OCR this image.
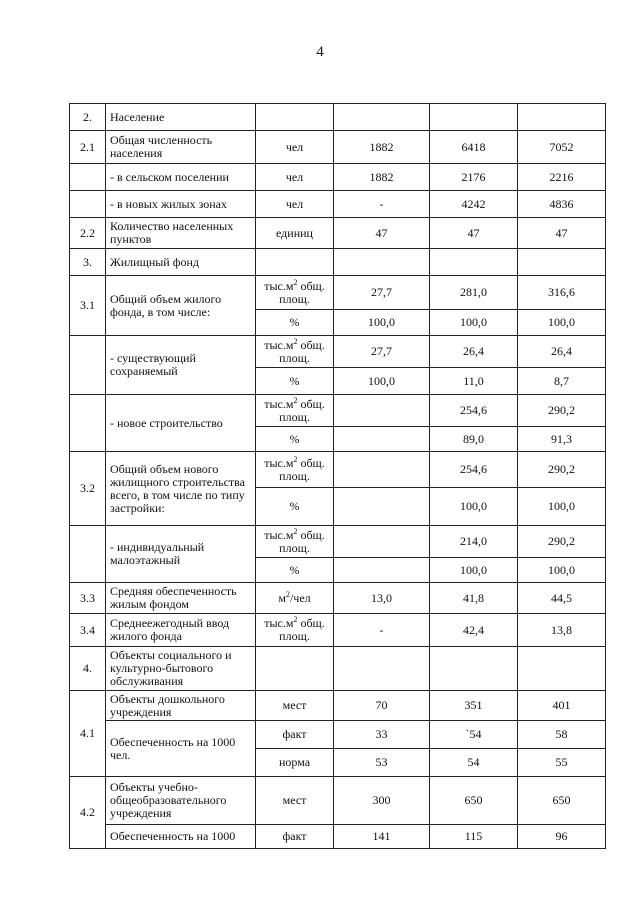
4
2.	Население				
2.1	Общая численность населения	чел	1882	6418	7052
	- в сельском поселении	чел	1882	2176	2216
	- в новых жилых зонах	чел	-	4242	4836
2.2	Количество населенных пунктов	единиц	47	47	47
3.	Жилищный фонд				
3.1	Общий объем жилого фонда, в том числе:	$тыс.м^2$ общ. площ.	27,7	281,0	316,6
		%	100,0	100,0	100,0
	- существующий сохраняемый	$тыс.м^2$ общ. площ.	27,7	26,4	26,4
		%	100,0	11,0	8,7
	- новое строительство	$тыс.м^2$ общ. площ.		254,6	290,2
		%		89,0	91,3
3.2	Общий объем нового жилищного строительства всего, в том числе по типу застройки:	$тыс.м^2$ общ. площ.		254,6	290,2
		%		100,0	100,0
	- индивидуальный малоэтажный	$тыс.м^2$ общ. площ.		214,0	290,2
		%		100,0	100,0
3.3	Средняя обеспеченность жилым фондом	$м^2$/чел	13,0	41,8	44,5
3.4	Среднеежегодный ввод жилого фонда	$тыс.м^2$ общ. площ.	-	42,4	13,8
4.	Объекты социального и культурно-бытового обслуживания				
4.1	Объекты дошкольного учреждения	мест	70	351	401
	Обеспеченность на 1000 чел.	факт	33	`54	58
		норма	53	54	55
4.2	Объекты учебно-общеобразовательного учреждения	мест	300	650	650
	Обеспеченность на 1000	факт	141	115	96
